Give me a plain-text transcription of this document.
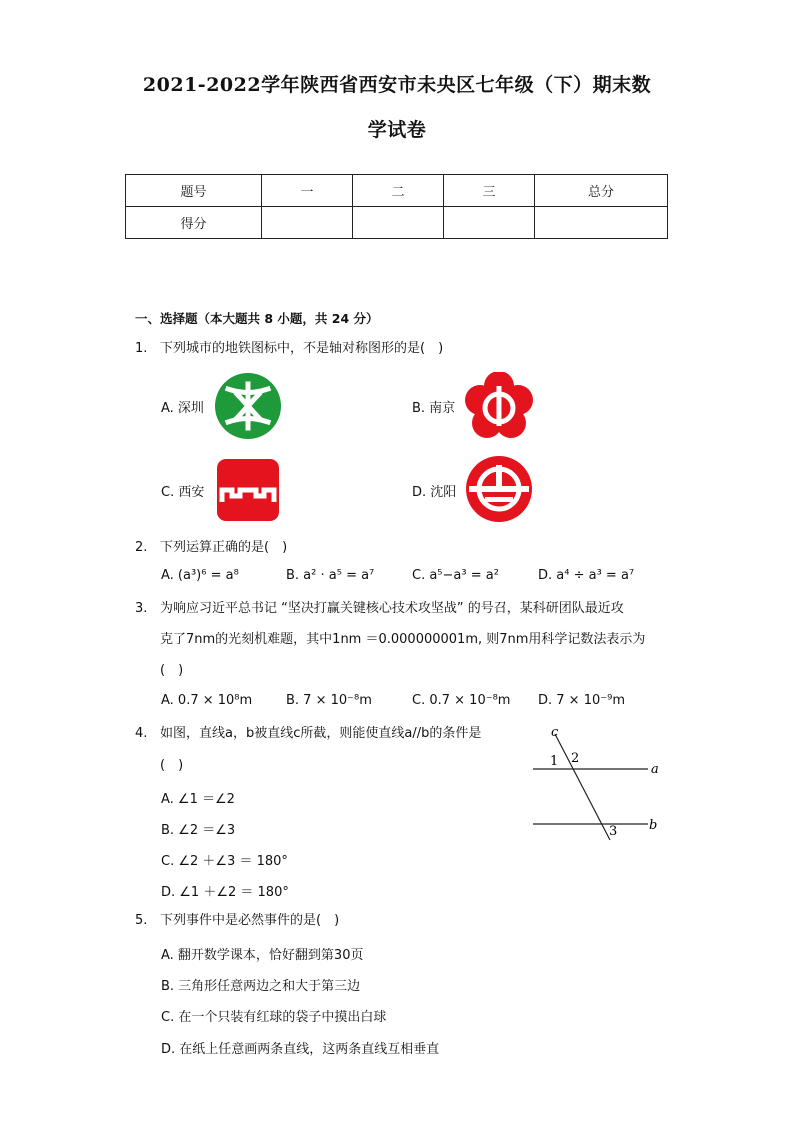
2021-2022学年陕西省西安市未央区七年级（下）期末数
学试卷
题号	一	二	三	总分
得分				
一、选择题（本大题共 8 小题，共 24 分）
1. 下列城市的地铁图标中，不是轴对称图形的是(　)
A. 深圳	B. 南京
C. 西安	D. 沈阳
2. 下列运算正确的是(　)
A. (a³)⁶ = a⁸	B. a² · a⁵ = a⁷	C. a⁵−a³ = a²	D. a⁴ ÷ a³ = a⁷
3. 为响应习近平总书记 “坚决打赢关键核心技术攻坚战” 的号召，某科研团队最近攻
克了7nm的光刻机难题，其中1nm ＝0.000000001m, 则7nm用科学记数法表示为
(　)
A. 0.7 × 10⁸m	B. 7 × 10⁻⁸m	C. 0.7 × 10⁻⁸m D. 7 × 10⁻⁹m
4. 如图，直线a，b被直线c所截，则能使直线a//b的条件是
(　)
A. ∠1 ＝∠2
B. ∠2 ＝∠3
C. ∠2 ＋∠3 ＝ 180°
D. ∠1 ＋∠2 ＝ 180°
c
a
b
1 2
3
5. 下列事件中是必然事件的是(　)
A. 翻开数学课本，恰好翻到第30页
B. 三角形任意两边之和大于第三边
C. 在一个只装有红球的袋子中摸出白球
D. 在纸上任意画两条直线，这两条直线互相垂直
